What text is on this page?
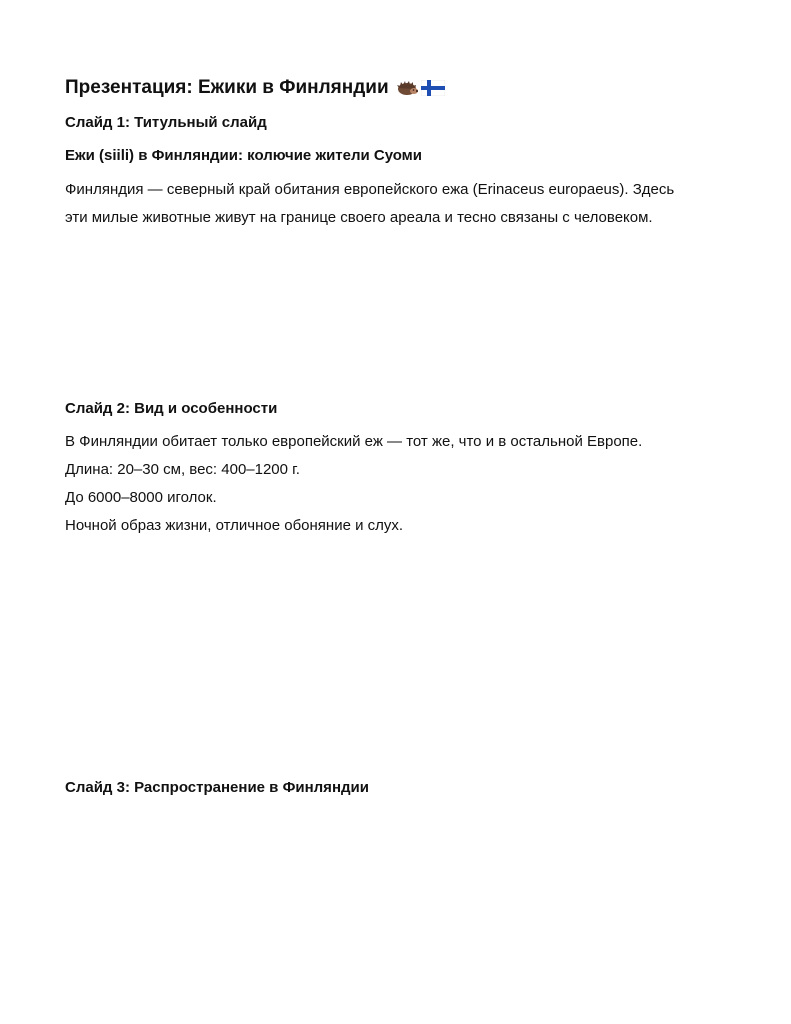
Презентация: Ежики в Финляндии
Слайд 1: Титульный слайд
Ежи (siili) в Финляндии: колючие жители Суоми
Финляндия — северный край обитания европейского ежа (Erinaceus europaeus). Здесь
эти милые животные живут на границе своего ареала и тесно связаны с человеком.
Слайд 2: Вид и особенности
В Финляндии обитает только европейский еж — тот же, что и в остальной Европе.
Длина: 20–30 см, вес: 400–1200 г.
До 6000–8000 иголок.
Ночной образ жизни, отличное обоняние и слух.
Слайд 3: Распространение в Финляндии
